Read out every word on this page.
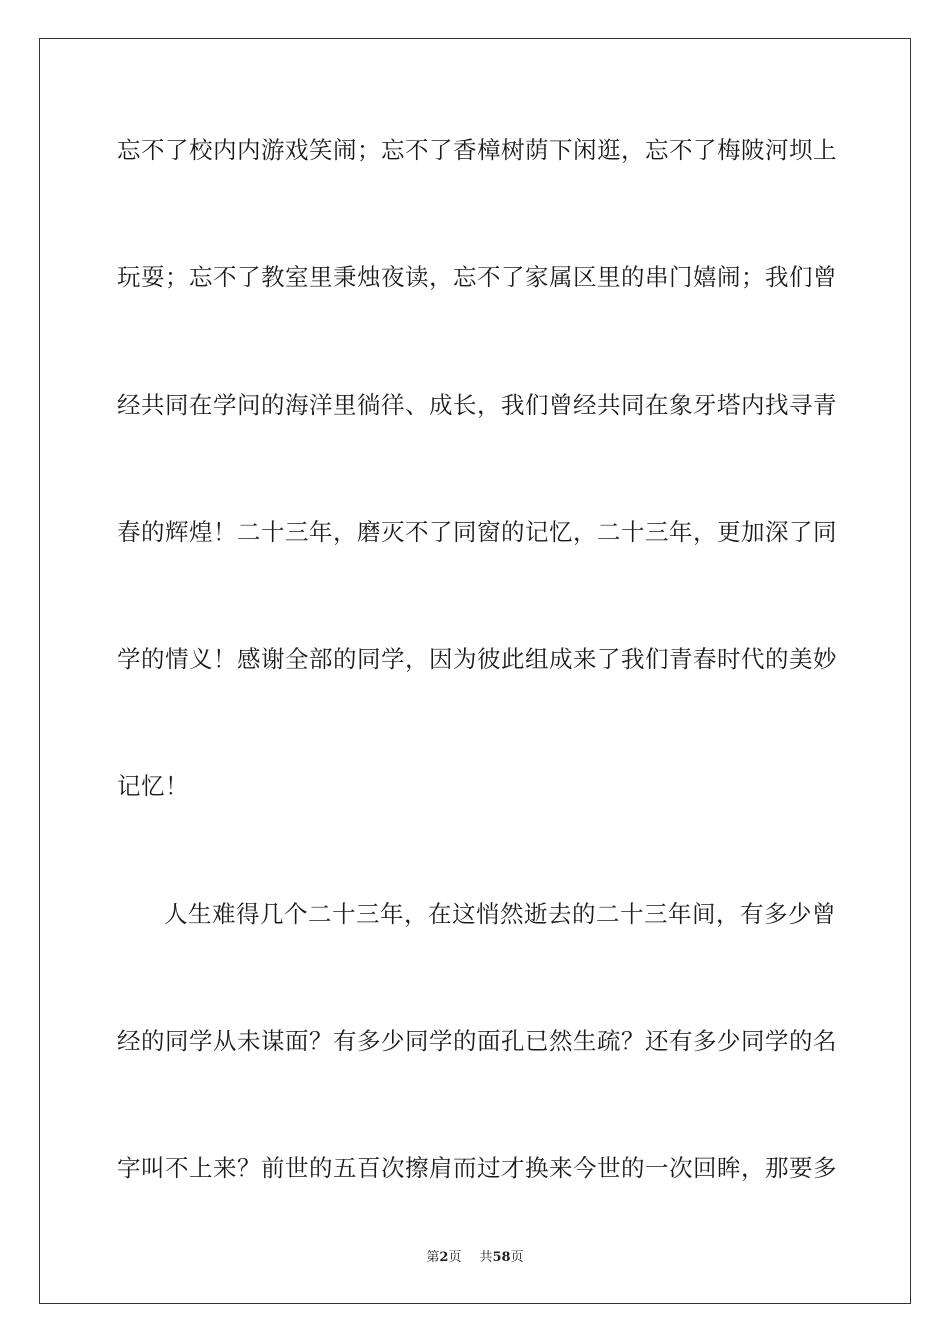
忘不了校内内游戏笑闹；忘不了香樟树荫下闲逛，忘不了梅陂河坝上
玩耍；忘不了教室里秉烛夜读，忘不了家属区里的串门嬉闹；我们曾
经共同在学问的海洋里徜徉、成长，我们曾经共同在象牙塔内找寻青
春的辉煌！二十三年，磨灭不了同窗的记忆，二十三年，更加深了同
学的情义！感谢全部的同学，因为彼此组成来了我们青春时代的美妙
记忆！
人生难得几个二十三年，在这悄然逝去的二十三年间，有多少曾
经的同学从未谋面？有多少同学的面孔已然生疏？还有多少同学的名
字叫不上来？前世的五百次擦肩而过才换来今世的一次回眸，那要多
第2页 共58页
